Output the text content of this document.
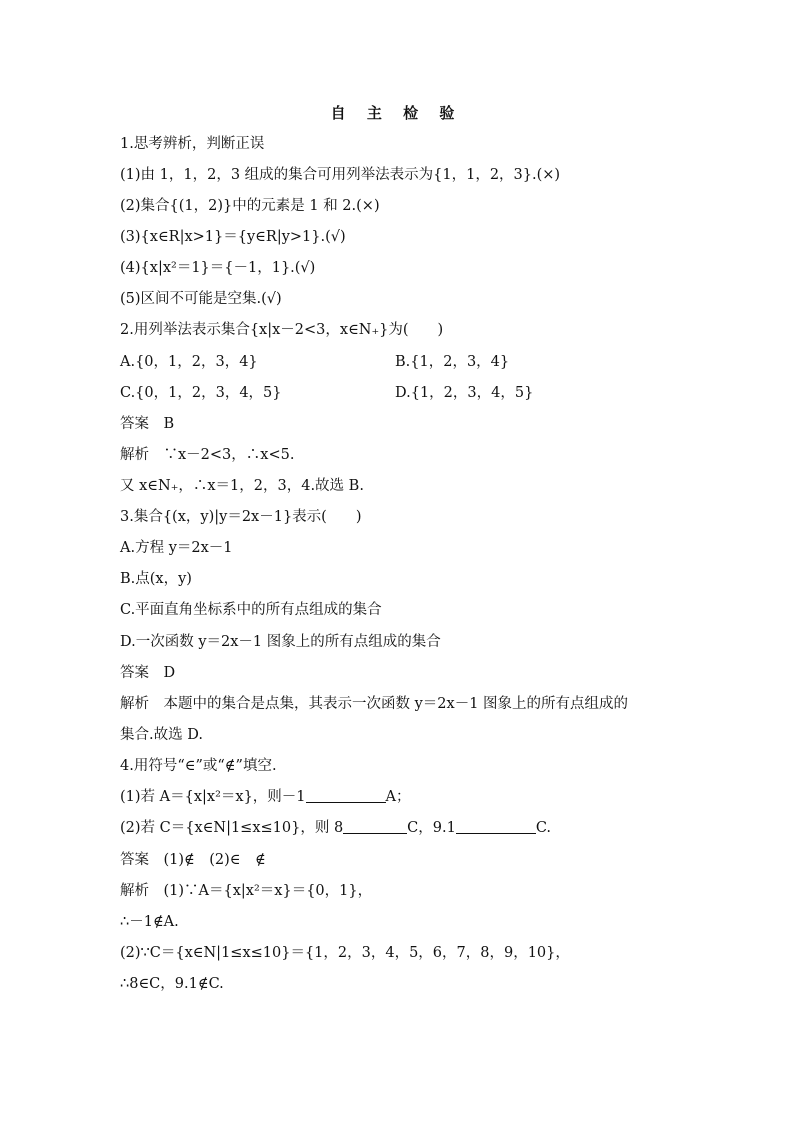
自 主 检 验
1.思考辨析，判断正误
(1)由 1，1，2，3 组成的集合可用列举法表示为{1，1，2，3}.(×)
(2)集合{(1，2)}中的元素是 1 和 2.(×)
(3){x∈R|x>1}＝{y∈R|y>1}.(√)
(4){x|x²＝1}＝{－1，1}.(√)
(5)区间不可能是空集.(√)
2.用列举法表示集合{x|x－2<3，x∈N₊}为(　　)
A.{0，1，2，3，4}	B.{1，2，3，4}
C.{0，1，2，3，4，5}	D.{1，2，3，4，5}
答案　B
解析　∵x－2<3，∴x<5.
又 x∈N₊，∴x＝1，2，3，4.故选 B.
3.集合{(x，y)|y＝2x－1}表示(　　)
A.方程 y＝2x－1
B.点(x，y)
C.平面直角坐标系中的所有点组成的集合
D.一次函数 y＝2x－1 图象上的所有点组成的集合
答案　D
解析　本题中的集合是点集，其表示一次函数 y＝2x－1 图象上的所有点组成的
集合.故选 D.
4.用符号“∈”或“∉”填空.
(1)若 A＝{x|x²＝x}，则－1	A；
(2)若 C＝{x∈N|1≤x≤10}，则 8	C，9.1	C.
答案　(1)∉　(2)∈　∉
解析　(1)∵A＝{x|x²＝x}＝{0，1}，
∴－1∉A.
(2)∵C＝{x∈N|1≤x≤10}＝{1，2，3，4，5，6，7，8，9，10}，
∴8∈C，9.1∉C.
